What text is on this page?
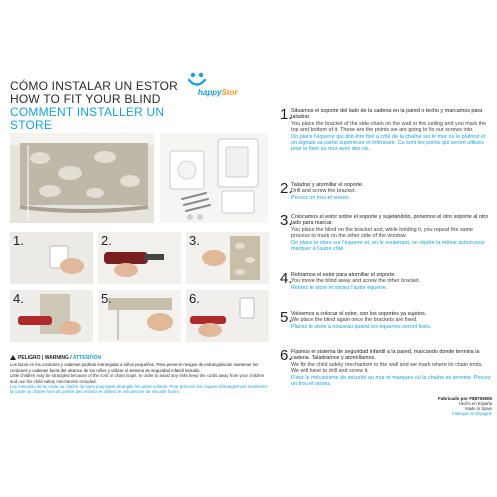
CÓMO INSTALAR UN ESTOR
HOW TO FIT YOUR BLIND
COMMENT INSTALLER UN STORE
happyStor
1.	2.	3.
4.	5.	6.
PELIGRO | WARNING / ATTENTION
Los lazos en los cordones y cadenas podrían estrangular a niños pequeños. Para prevenir riesgos de estrangulación mantener los cordones y cadenas fuera del alcance de los niños y utilizar el sistema de seguridad infantil incluido.
Little children may be strangled because of the cord or chain loops. In order to avoid any risks keep the cords away from your children and use the child safety mechanism included.
Les menus/tu de la corde ou chaîne du store pourraient étrangler les petits enfants. Pour prévenir les risques d'étranglement maintenez la corde ou chaîne hors de portée des enfants et utilisez le mécanisme de sécurité fourni.
1.
Situamos el soporte del lado de la cadena en la pared o techo y marcamos para taladrar.
You place the bracket of the side-chain on the wall or the ceiling and you mark the top and bottom of it. These are the points we are going to fix our screws into.
On place l'équerre qui doit être fixé à côté de la chaîne sur le mur ou le plafond et on signale sa partie supérieure et inférieure. Ce sont les points qui seront utilisés pour le fixer au mur avec des vis.
2.
Taladrar y atornillar el soporte.
Drill and screw the bracket.
Percez un trou et vissez.
3.
Colocamos el estor sobre el soporte y sujetándolo, ponemos el otro soporte al otro lado para marcar.
You place the blind on the bracket and, while holding it, you repeat the same process to mark on the other side of the window.
On place le store sur l'équerre et, en le soutenant, on répète la même action pour marquer à l'autre côté.
4.
Retiramos el estor para atornillar el soporte.
You move the blind away and screw the other bracket.
Retirez le store et vissez l'autre équerre.
5.
Volvemos a colocar el estor, con los soportes ya sujetos.
We place the blind again once the brackets are fixed.
Placez le store à nouveau quand les équerres seront fixés.
6.
Fijamos el sistema de seguridad infantil a la pared, marcando donde termina la cadena. Taladramos y atornillamos.
We fix the child safety mechanism to the wall and we mark where its chain ends. We will have to drill and screw it.
Fixez le mécanisme de sécurité au mur et marquez où la chaîne se termine. Percez un trou et vissez.
Fabricado por F88793605
Hecho en España
Made in Spain
Fabriqué en Espagne
